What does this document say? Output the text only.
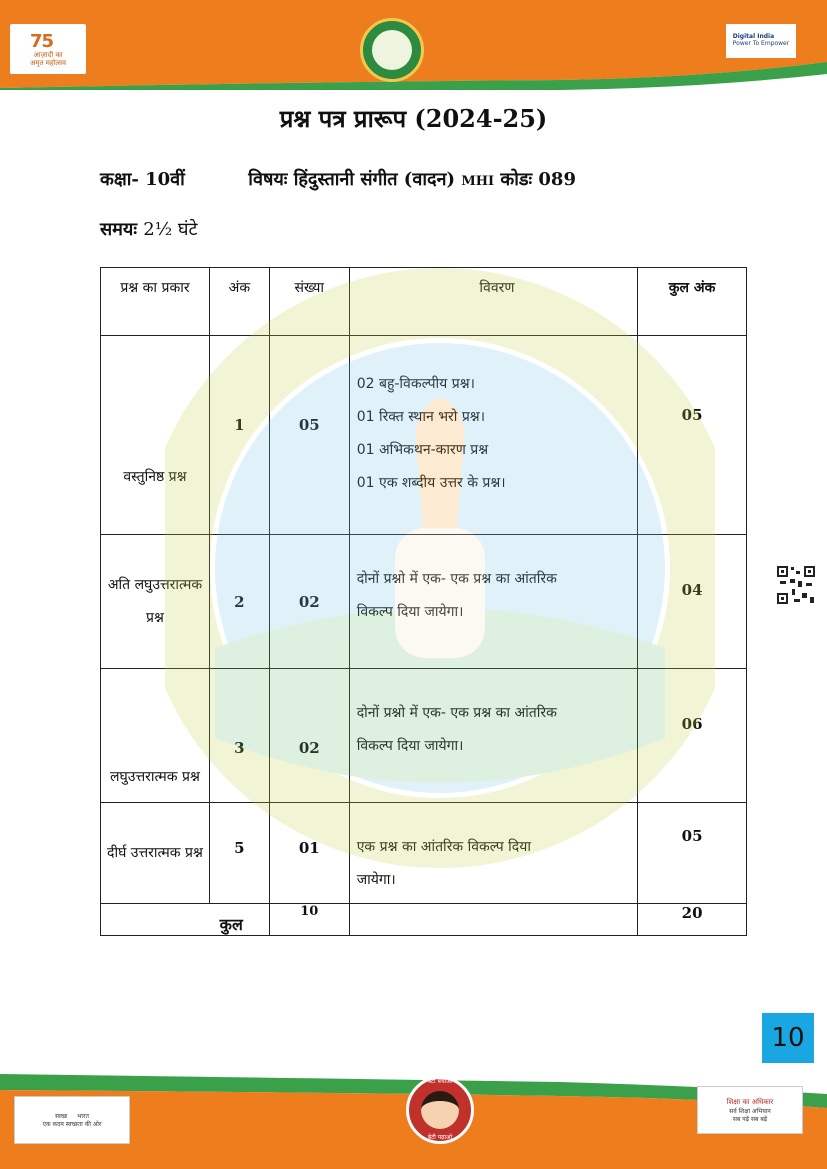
75
आज़ादी का
अमृत महोत्सव
Digital India
Power To Empower
प्रश्न पत्र प्रारूप (2024-25)
कक्षा- 10वीं	विषयः हिंदुस्तानी संगीत (वादन) MHI कोडः 089
समयः 2½ घंटे
प्रश्न का प्रकार	अंक	संख्या	विवरण	कुल अंक
वस्तुनिष्ठ प्रश्न	1	05	02 बहु-विकल्पीय प्रश्न।
01 रिक्त स्थान भरो प्रश्न।
01 अभिकथन-कारण प्रश्न
01 एक शब्दीय उत्तर के प्रश्न।	05
अति लघुउत्तरात्मक प्रश्न	2	02	दोनों प्रश्नो में एक- एक प्रश्न का आंतरिक
विकल्प दिया जायेगा।	04
लघुउत्तरात्मक प्रश्न	3	02	दोनों प्रश्नो में एक- एक प्रश्न का आंतरिक
विकल्प दिया जायेगा।	06
दीर्घ उत्तरात्मक प्रश्न	5	01	एक प्रश्न का आंतरिक विकल्प दिया
जायेगा।	05
कुल		10		20
10
स्वच्छ भारत
एक कदम स्वच्छता की ओर
बेटी बचाओ
बेटी पढ़ाओ
शिक्षा का अधिकार
सर्व शिक्षा अभियान
सब पढ़ें सब बढ़ें
